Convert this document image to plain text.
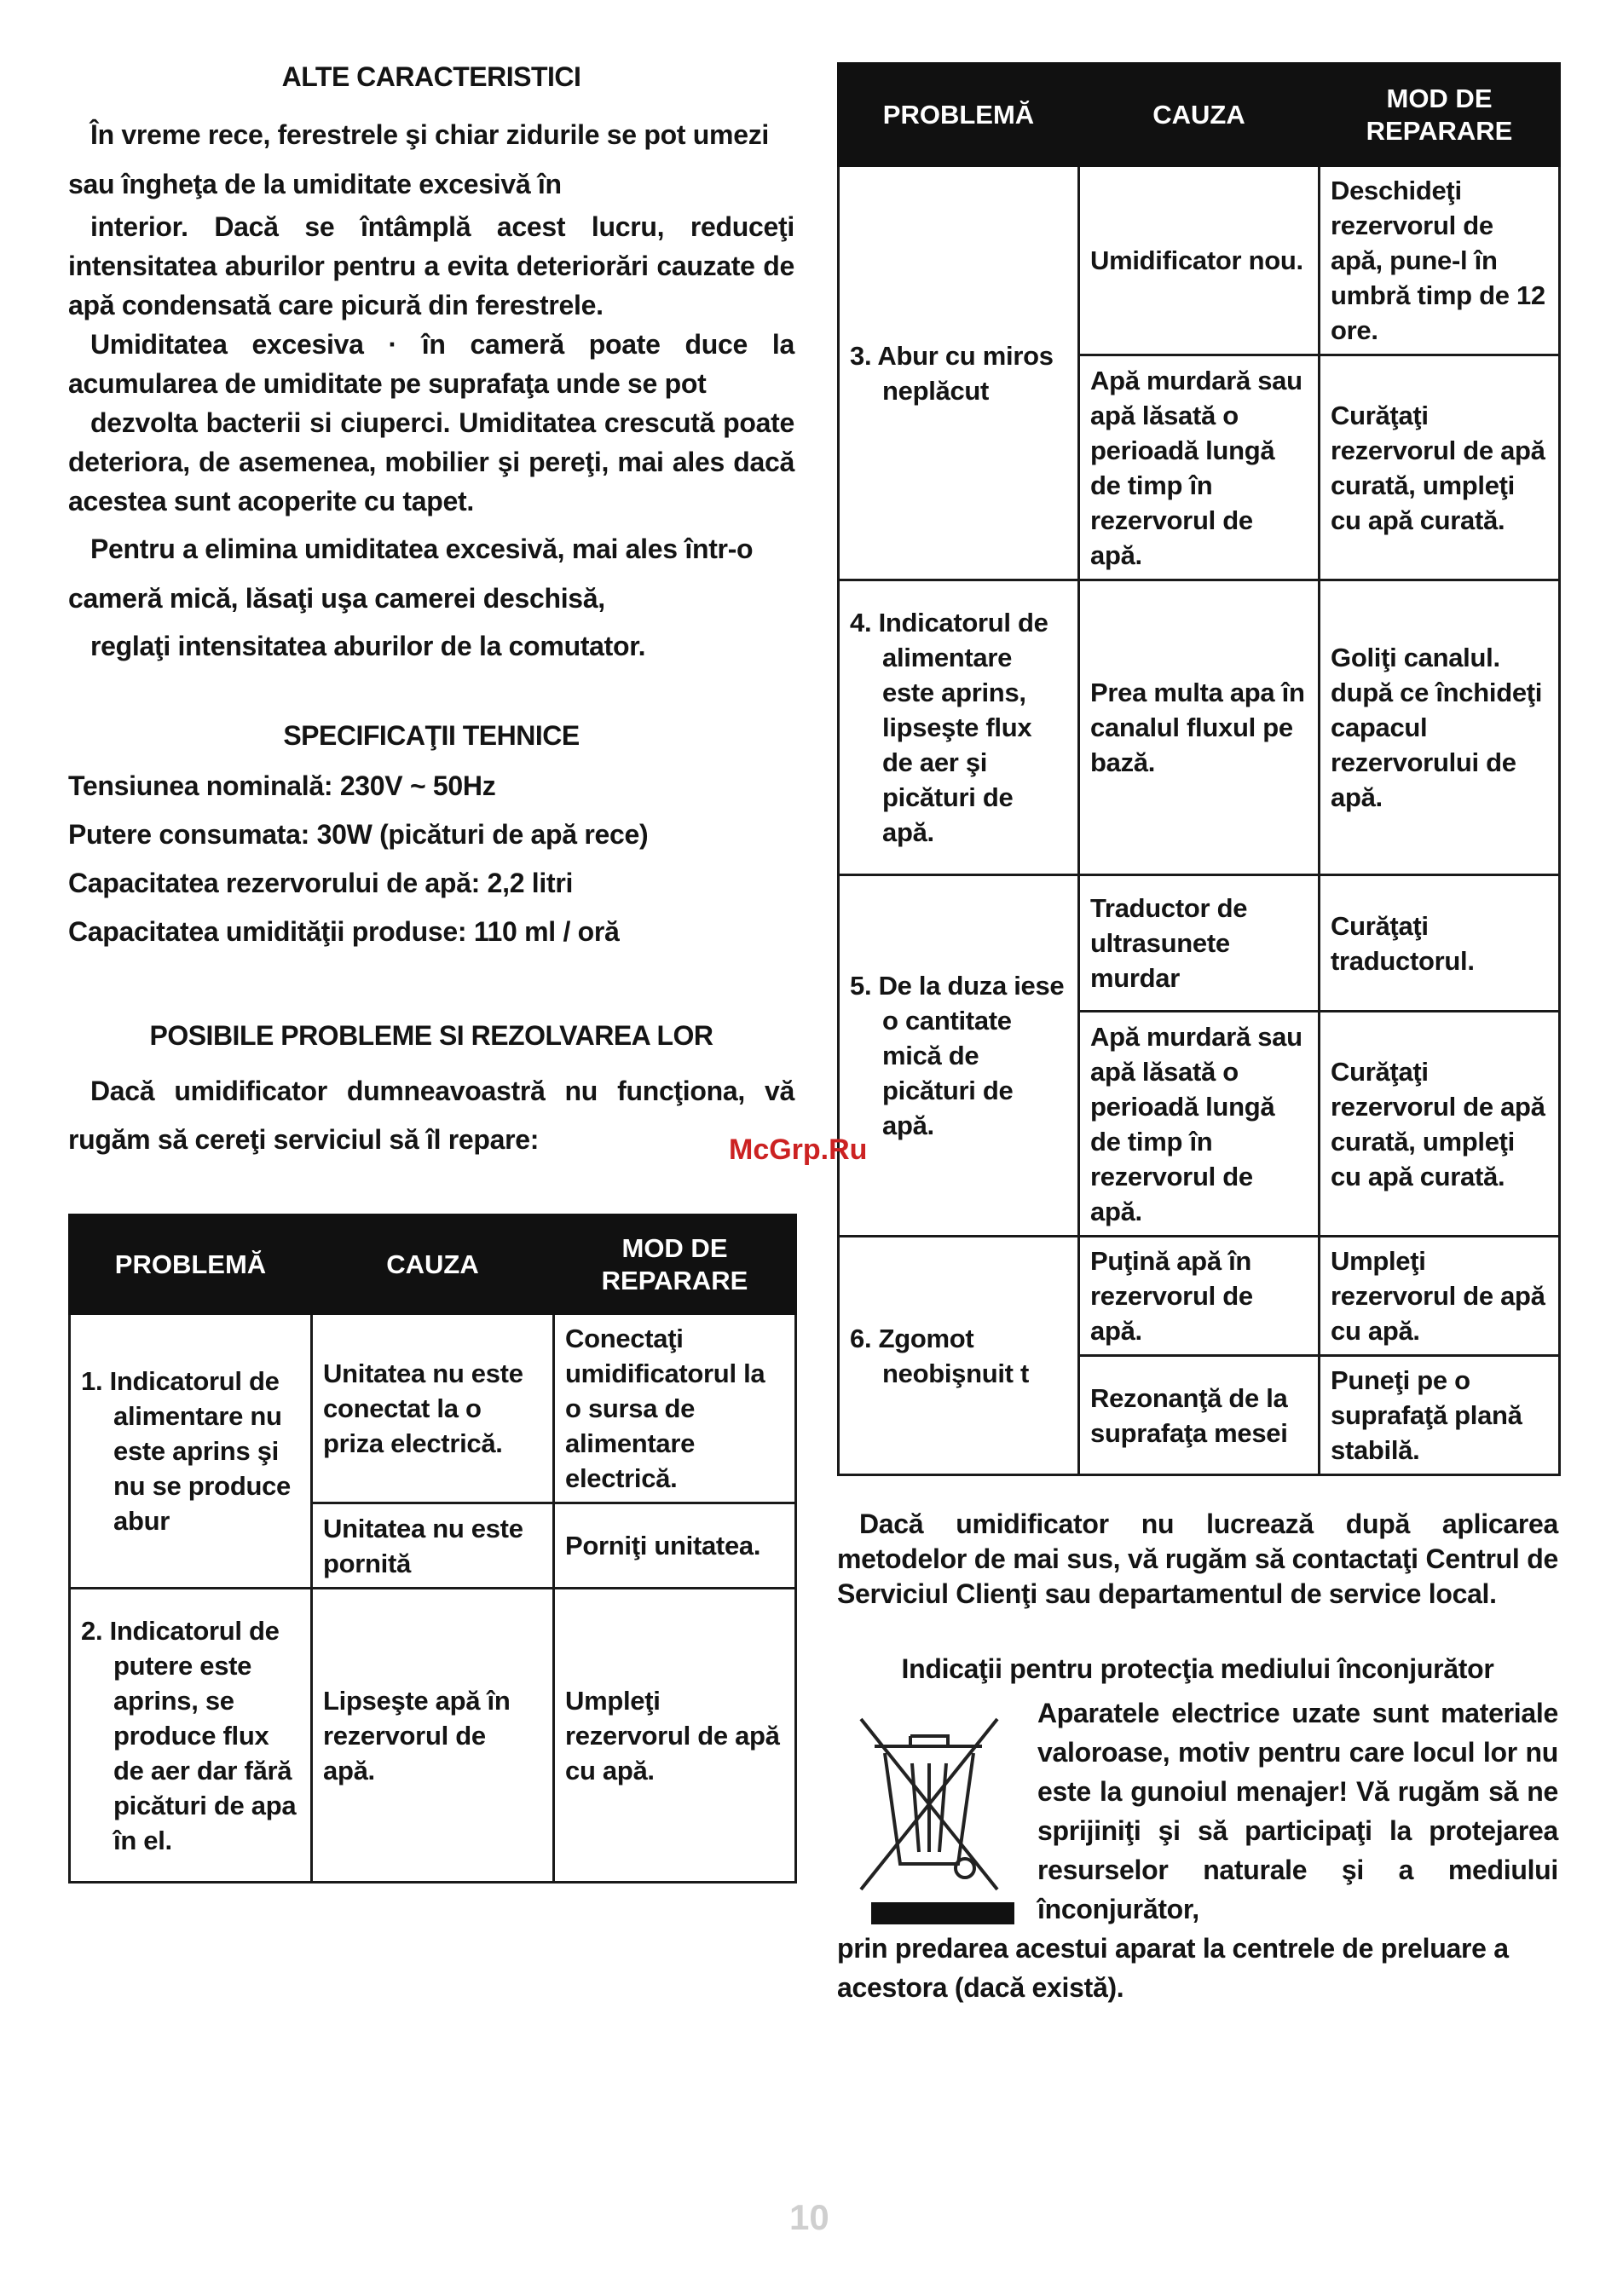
ALTE CARACTERISTICI

În vreme rece, ferestrele şi chiar zidurile se pot umezi

sau îngheţa de la umiditate excesivă în

interior. Dacă se întâmplă acest lucru, reduceţi intensitatea aburilor pentru a evita deteriorări cauzate de apă condensată care picură din ferestrele.

Umiditatea excesiva · în cameră poate duce la acumularea de umiditate pe suprafaţa unde se pot

dezvolta bacterii si ciuperci. Umiditatea crescută poate deteriora, de asemenea, mobilier şi pereţi, mai ales dacă acestea sunt acoperite cu tapet.

Pentru a elimina umiditatea excesivă, mai ales într-o

cameră mică, lăsaţi uşa camerei deschisă,

reglaţi intensitatea aburilor de la comutator.

SPECIFICAŢII TEHNICE
Tensiunea nominală: 230V ~ 50Hz
Putere consumata: 30W (picături de apă rece)
Capacitatea rezervorului de apă: 2,2 litri
Capacitatea umidităţii produse: 110 ml / oră
POSIBILE PROBLEME SI REZOLVAREA LOR

Dacă umidificator dumneavoastră nu funcţiona, vă rugăm să cereţi serviciul să îl repare:

PROBLEMĂ	CAUZA	MOD DE REPARARE

1. Indicatorul de alimentare nu este aprins şi nu se produce abur	Unitatea nu este conectat la o priza electrică.	Conectaţi umidificatorul la o sursa de alimentare electrică.
	Unitatea nu este pornită	Porniţi unitatea.

2. Indicatorul de putere este aprins, se produce flux de aer dar fără picături de apa în el.	Lipseşte apă în rezervorul de apă.	Umpleţi rezervorul de apă cu apă.
PROBLEMĂ	CAUZA	MOD DE REPARARE

3. Abur cu miros neplăcut	Umidificator nou.	Deschideţi rezervorul de apă, pune-l în umbră timp de 12 ore.
	Apă murdară sau apă lăsată o perioadă lungă de timp în rezervorul de apă.	Curăţaţi rezervorul de apă curată, umpleţi cu apă curată.

4. Indicatorul de alimentare este aprins, lipseşte flux de aer şi picături de apă.	Prea multa apa în canalul fluxul pe bază.	Goliţi canalul. după ce închideţi capacul rezervorului de apă.

5. De la duza iese o cantitate mică de picături de apă.	Traductor de ultrasunete murdar	Curăţaţi traductorul.
	Apă murdară sau apă lăsată o perioadă lungă de timp în rezervorul de apă.	Curăţaţi rezervorul de apă curată, umpleţi cu apă curată.

6. Zgomot neobişnuit t	Puţină apă în rezervorul de apă.	Umpleţi rezervorul de apă cu apă.
	Rezonanţă de la suprafaţa mesei	Puneţi pe o suprafaţă plană stabilă.

Dacă umidificator nu lucrează după aplicarea metodelor de mai sus, vă rugăm să contactaţi Centrul de Serviciul Clienţi sau departamentul de service local.

Indicaţii pentru protecţia mediului înconjurător

Aparatele electrice uzate sunt materiale valoroase, motiv pentru care locul lor nu este la gunoiul menajer! Vă rugăm să ne sprijiniţi şi să participaţi la protejarea resurselor naturale şi a mediului înconjurător,

prin predarea acestui aparat la centrele de preluare a acestora (dacă există).

McGrp.Ru
10
